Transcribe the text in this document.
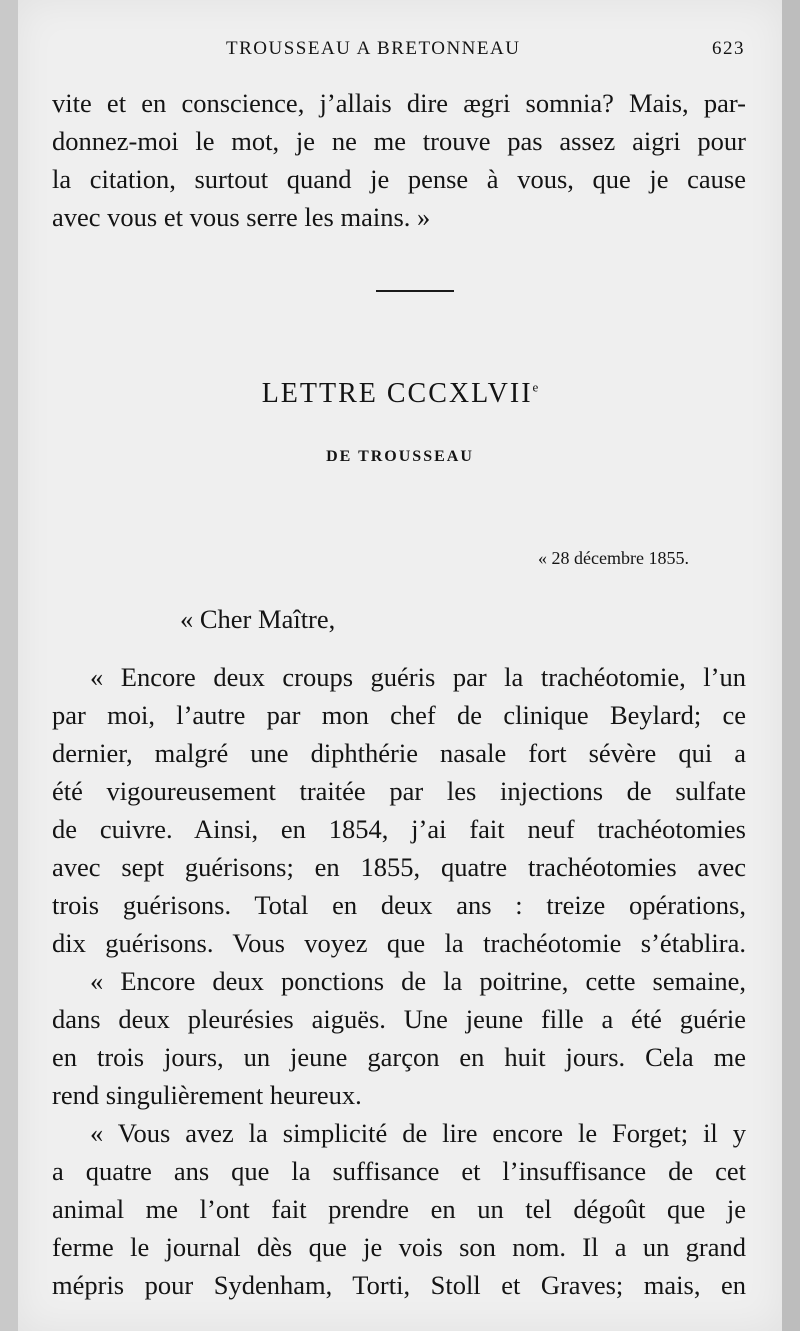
TROUSSEAU A BRETONNEAU	623
vite et en conscience, j’allais dire ægri somnia? Mais, par-
donnez-moi le mot, je ne me trouve pas assez aigri pour
la citation, surtout quand je pense à vous, que je cause
avec vous et vous serre les mains. »
LETTRE CCCXLVIIe
DE TROUSSEAU
« 28 décembre 1855.
« Cher Maître,
« Encore deux croups guéris par la trachéotomie, l’un
par moi, l’autre par mon chef de clinique Beylard; ce
dernier, malgré une diphthérie nasale fort sévère qui a
été vigoureusement traitée par les injections de sulfate
de cuivre. Ainsi, en 1854, j’ai fait neuf trachéotomies
avec sept guérisons; en 1855, quatre trachéotomies avec
trois guérisons. Total en deux ans : treize opérations,
dix guérisons. Vous voyez que la trachéotomie s’établira.
« Encore deux ponctions de la poitrine, cette semaine,
dans deux pleurésies aiguës. Une jeune fille a été guérie
en trois jours, un jeune garçon en huit jours. Cela me
rend singulièrement heureux.
« Vous avez la simplicité de lire encore le Forget; il y
a quatre ans que la suffisance et l’insuffisance de cet
animal me l’ont fait prendre en un tel dégoût que je
ferme le journal dès que je vois son nom. Il a un grand
mépris pour Sydenham, Torti, Stoll et Graves; mais, en
